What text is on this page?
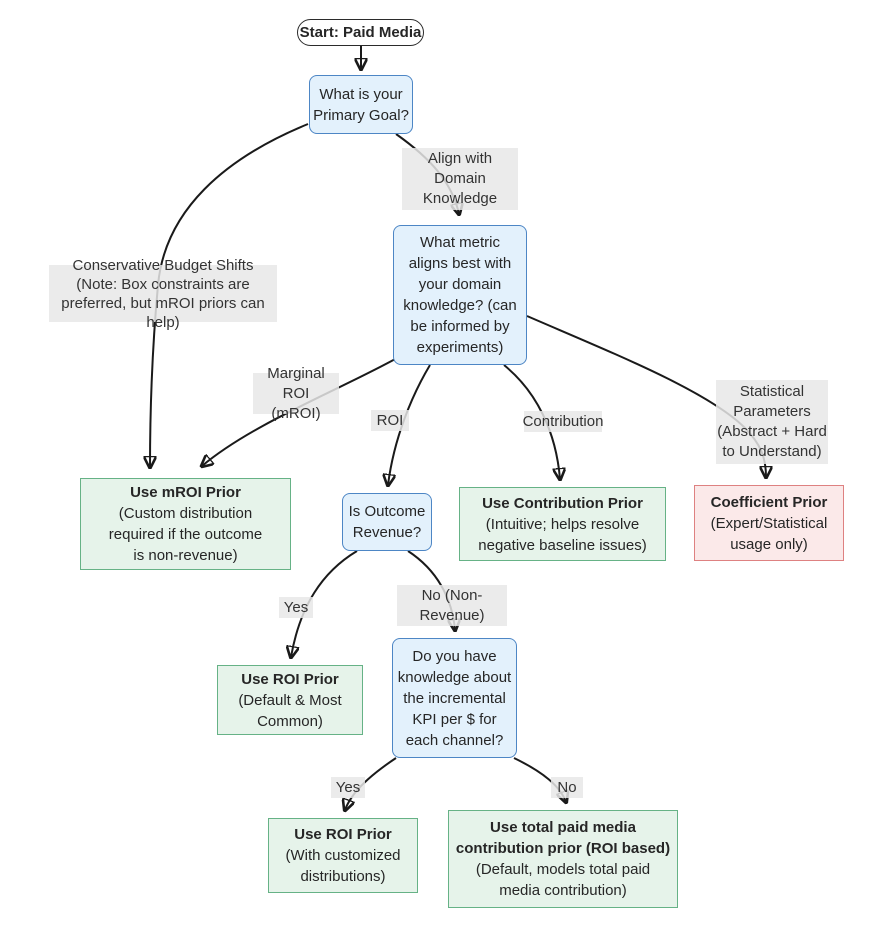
Start: Paid Media
What is your
Primary Goal?
What metric
aligns best with
your domain
knowledge? (can
be informed by
experiments)
Use mROI Prior
(Custom distribution
required if the outcome
is non-revenue)
Is Outcome
Revenue?
Use Contribution Prior
(Intuitive; helps resolve
negative baseline issues)
Coefficient Prior
(Expert/Statistical
usage only)
Use ROI Prior
(Default & Most
Common)
Do you have
knowledge about
the incremental
KPI per $ for
each channel?
Use ROI Prior
(With customized
distributions)
Use total paid media
contribution prior (ROI based)
(Default, models total paid
media contribution)
Conservative Budget Shifts
(Note: Box constraints are
preferred, but mROI priors can help)
Align with
Domain
Knowledge
Marginal ROI
(mROI)	ROI	Contribution
Statistical
Parameters
(Abstract + Hard
to Understand)
Yes
No (Non-
Revenue)
Yes	No
